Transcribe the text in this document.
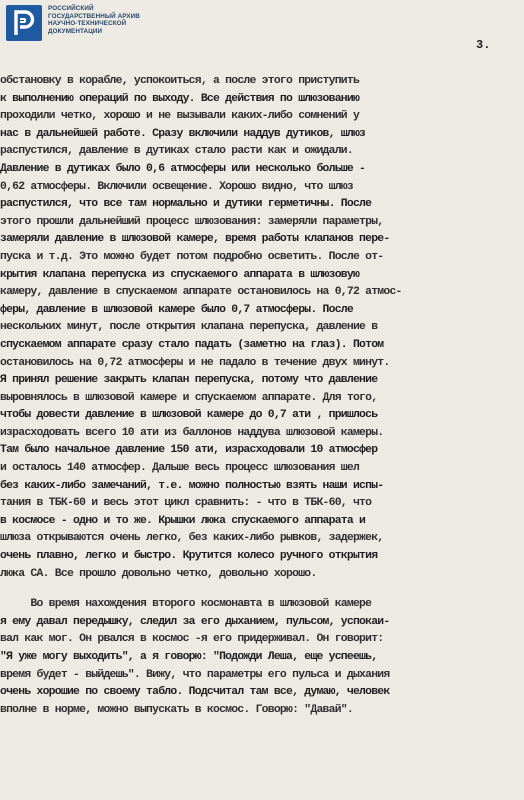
РОССИЙСКИЙ
ГОСУДАРСТВЕННЫЙ АРХИВ
НАУЧНО-ТЕХНИЧЕСКОЙ
ДОКУМЕНТАЦИИ
3.
обстановку в корабле, успокоиться, а после этого приступить
к выполнению операций по выходу. Все действия по шлюзованию
проходили четко, хорошо и не вызывали каких-либо сомнений у
нас в дальнейшей работе. Сразу включили наддув дутиков, шлюз
распустился, давление в дутиках стало расти как и ожидали.
Давление в дутиках было 0,6 атмосферы или несколько больше -
0,62 атмосферы. Включили освещение. Хорошо видно, что шлюз
распустился, что все там нормально и дутики герметичны. После
этого прошли дальнейший процесс шлюзования: замеряли параметры,
замеряли давление в шлюзовой камере, время работы клапанов пере-
пуска и т.д. Это можно будет потом подробно осветить. После от-
крытия клапана перепуска из спускаемого аппарата в шлюзовую
камеру, давление в спускаемом аппарате остановилось на 0,72 атмос-
феры, давление в шлюзовой камере было 0,7 атмосферы. После
нескольких минут, после открытия клапана перепуска, давление в
спускаемом аппарате сразу стало падать (заметно на глаз). Потом
остановилось на 0,72 атмосферы и не падало в течение двух минут.
Я принял решение закрыть клапан перепуска, потому что давление
выровнялось в шлюзовой камере и спускаемом аппарате. Для того,
чтобы довести давление в шлюзовой камере до 0,7 ати , пришлось
израсходовать всего 10 ати из баллонов наддува шлюзовой камеры.
Там было начальное давление 150 ати, израсходовали 10 атмосфер
и осталось 140 атмосфер. Дальше весь процесс шлюзования шел
без каких-либо замечаний, т.е. можно полностью взять наши испы-
тания в ТБК-60 и весь этот цикл сравнить: - что в ТБК-60, что
в космосе - одно и то же. Крышки люка спускаемого аппарата и
шлюза открываются очень легко, без каких-либо рывков, задержек,
очень плавно, легко и быстро. Крутится колесо ручного открытия
люка СА. Все прошло довольно четко, довольно хорошо.
Во время нахождения второго космонавта в шлюзовой камере
я ему давал передышку, следил за его дыханием, пульсом, успокаи-
вал как мог. Он рвался в космос -я его придерживал. Он говорит:
"Я уже могу выходить", а я говорю: "Подожди Леша, еще успеешь,
время будет - выйдешь". Вижу, что параметры его пульса и дыхания
очень хорошие по своему табло. Подсчитал там все, думаю, человек
вполне в норме, можно выпускать в космос. Говорю: "Давай".
